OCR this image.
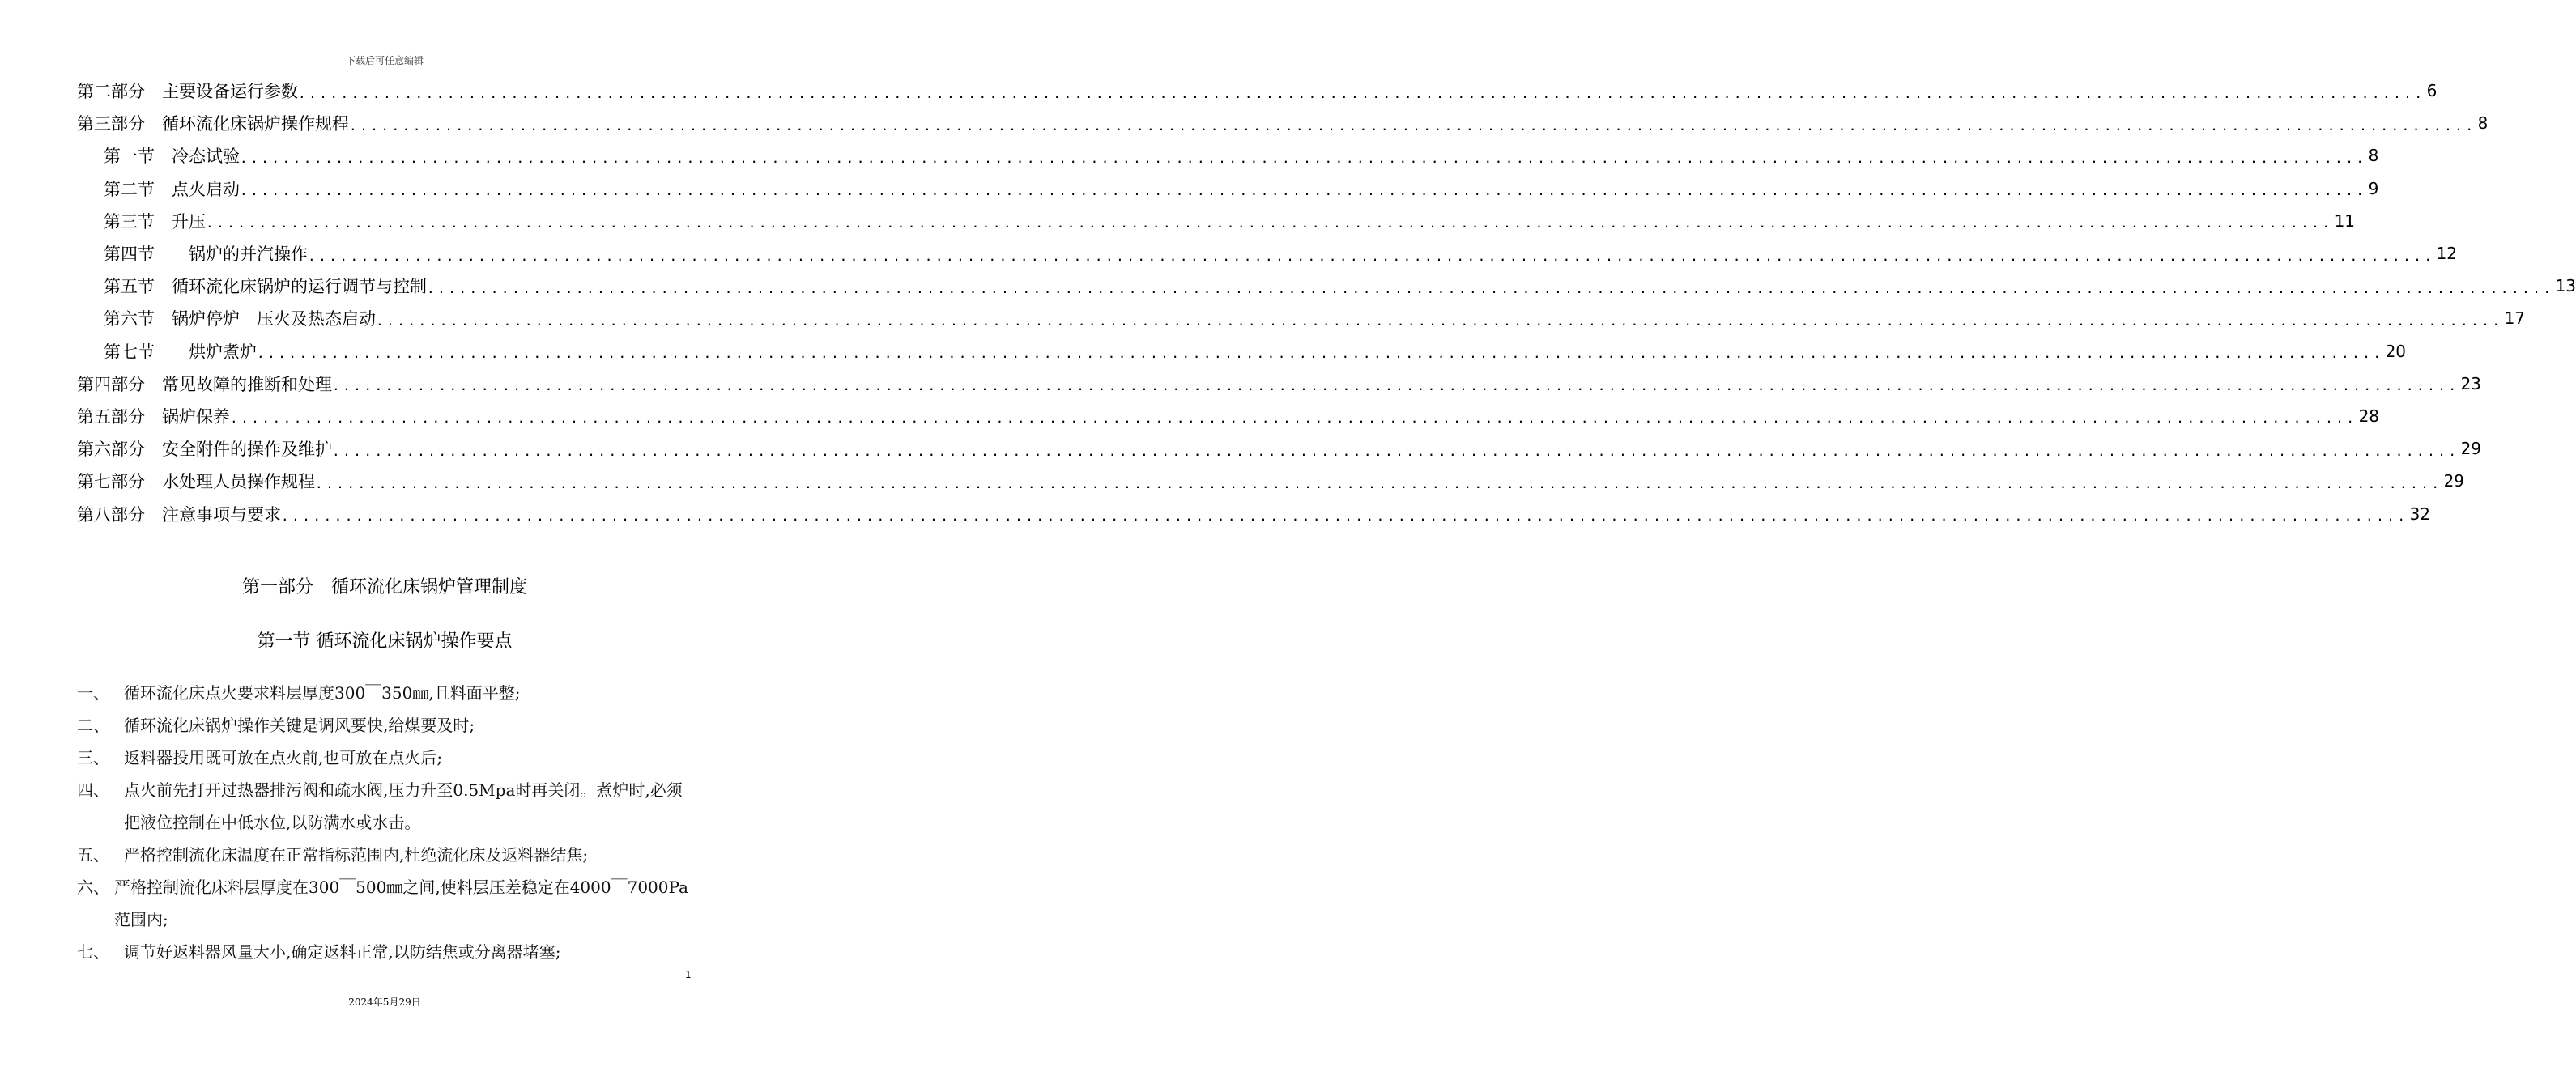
下载后可任意编辑
第二部分　主要设备运行参数 ........................................................................................................................................................................................................ 6
第三部分　循环流化床锅炉操作规程 ........................................................................................................................................................................................................ 8
第一节　冷态试验 ........................................................................................................................................................................................................ 8
第二节　点火启动 ........................................................................................................................................................................................................ 9
第三节　升压 ........................................................................................................................................................................................................ 11
第四节　　锅炉的并汽操作 ........................................................................................................................................................................................................ 12
第五节　循环流化床锅炉的运行调节与控制 ........................................................................................................................................................................................................ 13
第六节　锅炉停炉　压火及热态启动 ........................................................................................................................................................................................................ 17
第七节　　烘炉煮炉 ........................................................................................................................................................................................................ 20
第四部分　常见故障的推断和处理 ........................................................................................................................................................................................................ 23
第五部分　锅炉保养 ........................................................................................................................................................................................................ 28
第六部分　安全附件的操作及维护 ........................................................................................................................................................................................................ 29
第七部分　水处理人员操作规程 ........................................................................................................................................................................................................ 29
第八部分　注意事项与要求 ........................................................................................................................................................................................................ 32
第一部分　循环流化床锅炉管理制度
第一节 循环流化床锅炉操作要点
一、 循环流化床点火要求料层厚度300￣350㎜,且料面平整;
二、 循环流化床锅炉操作关键是调风要快,给煤要及时;
三、 返料器投用既可放在点火前,也可放在点火后;
四、 点火前先打开过热器排污阀和疏水阀,压力升至0.5Mpa时再关闭。煮炉时,必须把液位控制在中低水位,以防满水或水击。
五、 严格控制流化床温度在正常指标范围内,杜绝流化床及返料器结焦;
六、 严格控制流化床料层厚度在300￣500㎜之间,使料层压差稳定在4000￣7000Pa范围内;
七、 调节好返料器风量大小,确定返料正常,以防结焦或分离器堵塞;
1
2024年5月29日
